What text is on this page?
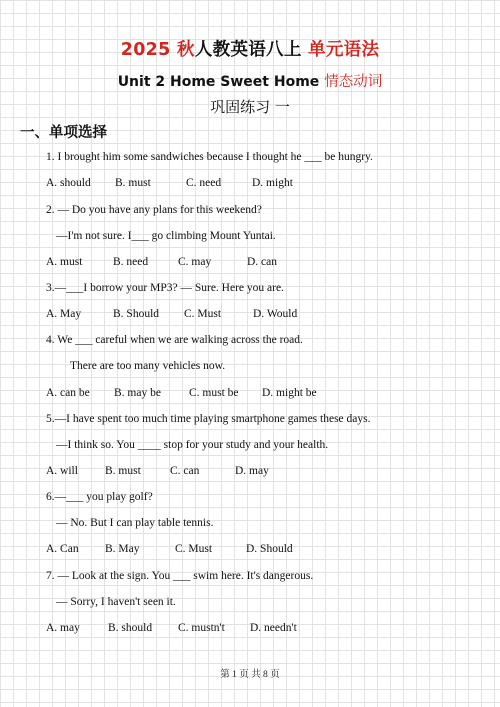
2025 秋人教英语八上 单元语法
Unit 2 Home Sweet Home 情态动词
巩固练习 一
一、单项选择
1. I brought him some sandwiches because I thought he ___ be hungry.
A. should B. must	C. need	D. might
2. — Do you have any plans for this weekend?
—I'm not sure. I___ go climbing Mount Yuntai.
A. must	B. need	C. may	D. can
3.—___I borrow your MP3? — Sure. Here you are.
A. May	B. Should C. Must	D. Would
4. We ___ careful when we are walking across the road.
There are too many vehicles now.
A. can be B. may be C. must be D. might be
5.—I have spent too much time playing smartphone games these days.
—I think so. You ____ stop for your study and your health.
A. will B. must	C. can	D. may
6.—___ you play golf?
— No. But I can play table tennis.
A. Can B. May	C. Must	D. Should
7. — Look at the sign. You ___ swim here. It's dangerous.
— Sorry, I haven't seen it.
A. may B. should C. mustn't D. needn't
第 1 页 共 8 页
